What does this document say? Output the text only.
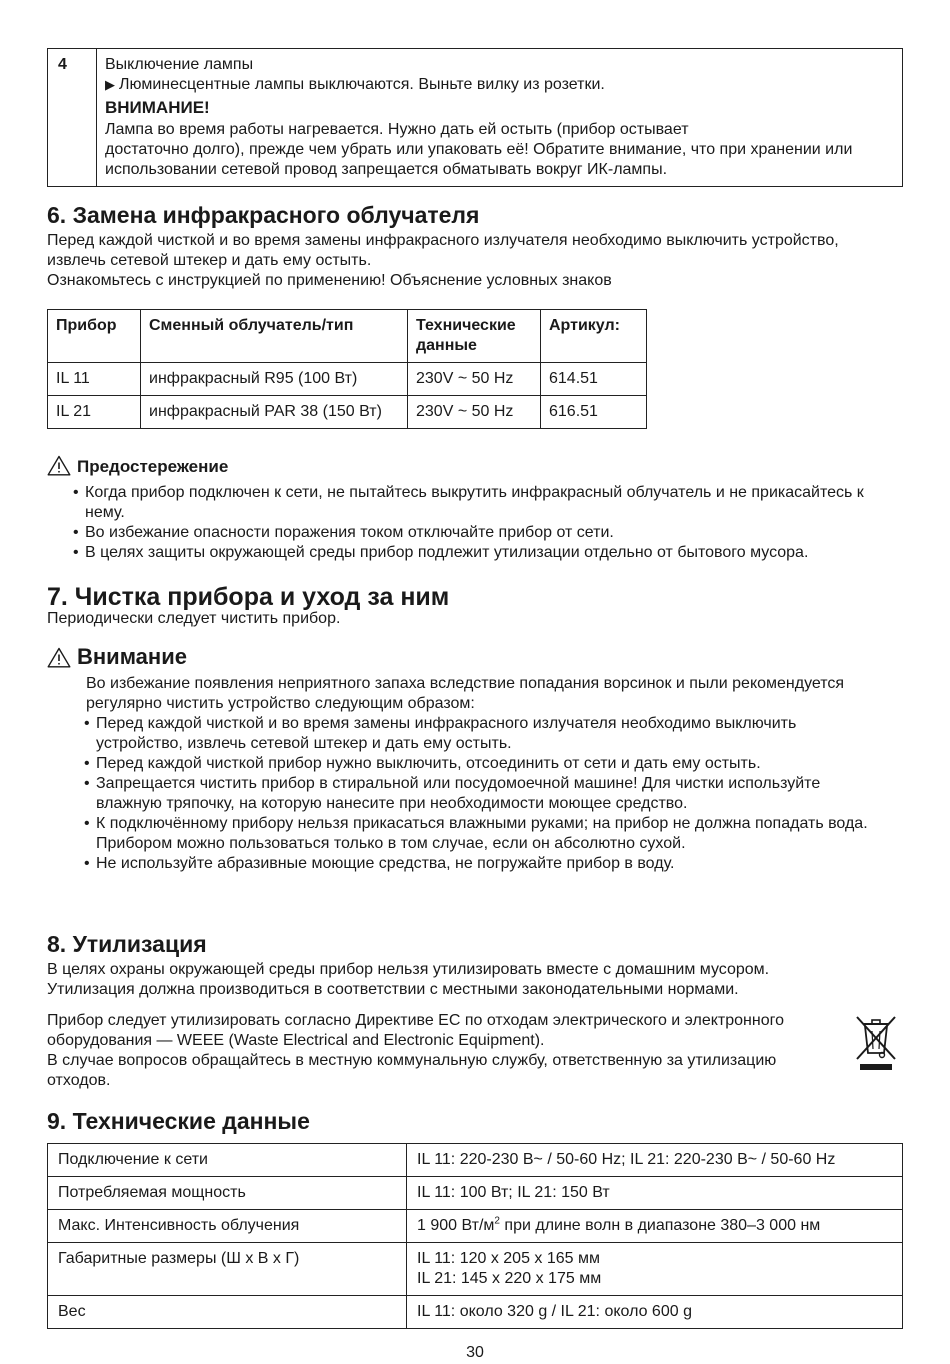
4	Выключение лампы

▶ Люминесцентные лампы выключаются. Выньте вилку из розетки.

ВНИМАНИЕ!

Лампа во время работы нагревается. Нужно дать ей остыть (прибор остывает

достаточно долго), прежде чем убрать или упаковать её! Обратите внимание, что при хранении или

использовании сетевой провод запрещается обматывать вокруг ИК-лампы.

6. Замена инфракрасного облучателя

Перед каждой чисткой и во время замены инфракрасного излучателя необходимо выключить устройство,

извлечь сетевой штекер и дать ему остыть.

Ознакомьтесь с инструкцией по применению! Объяснение условных знаков

Прибор	Сменный облучатель/тип	Технические данные	Артикул:
IL 11	инфракрасный R95 (100 Вт)	230V ~ 50 Hz	614.51
IL 21	инфракрасный PAR 38 (150 Вт)	230V ~ 50 Hz	616.51
Предостережение
• Когда прибор подключен к сети, не пытайтесь выкрутить инфракрасный облучатель и не прикасайтесь к нему.
• Во избежание опасности поражения током отключайте прибор от сети.
• В целях защиты окружающей среды прибор подлежит утилизации отдельно от бытового мусора.
7. Чистка прибора и уход за ним

Периодически следует чистить прибор.

Внимание

Во избежание появления неприятного запаха вследствие попадания ворсинок и пыли рекомендуется регулярно чистить устройство следующим образом:

• Перед каждой чисткой и во время замены инфракрасного излучателя необходимо выключить устройство, извлечь сетевой штекер и дать ему остыть.
• Перед каждой чисткой прибор нужно выключить, отсоединить от сети и дать ему остыть.
• Запрещается чистить прибор в стиральной или посудомоечной машине! Для чистки используйте влажную тряпочку, на которую нанесите при необходимости моющее средство.
• К подключённому прибору нельзя прикасаться влажными руками; на прибор не должна попадать вода. Прибором можно пользоваться только в том случае, если он абсолютно сухой.
• Не используйте абразивные моющие средства, не погружайте прибор в воду.
8. Утилизация

В целях охраны окружающей среды прибор нельзя утилизировать вместе с домашним мусором. Утилизация должна производиться в соответствии с местными законодательными нормами.

Прибор следует утилизировать согласно Директиве ЕС по отходам электрического и электронного оборудования — WEEE (Waste Electrical and Electronic Equipment).

В случае вопросов обращайтесь в местную коммунальную службу, ответственную за утилизацию отходов.

9. Технические данные
Подключение к сети	IL 11: 220-230 В~ / 50-60 Hz; IL 21: 220-230 В~ / 50-60 Hz
Потребляемая мощность	IL 11: 100 Вт; IL 21: 150 Вт
Макс. Интенсивность облучения	1 900 $Вт/м^2$ при длине волн в диапазоне 380–3 000 нм
Габаритные размеры (Ш x В x Г)	IL 11: 120 x 205 x 165 мм

IL 21: 145 x 220 x 175 мм

Вес	IL 11: около 320 g / IL 21: около 600 g
30
